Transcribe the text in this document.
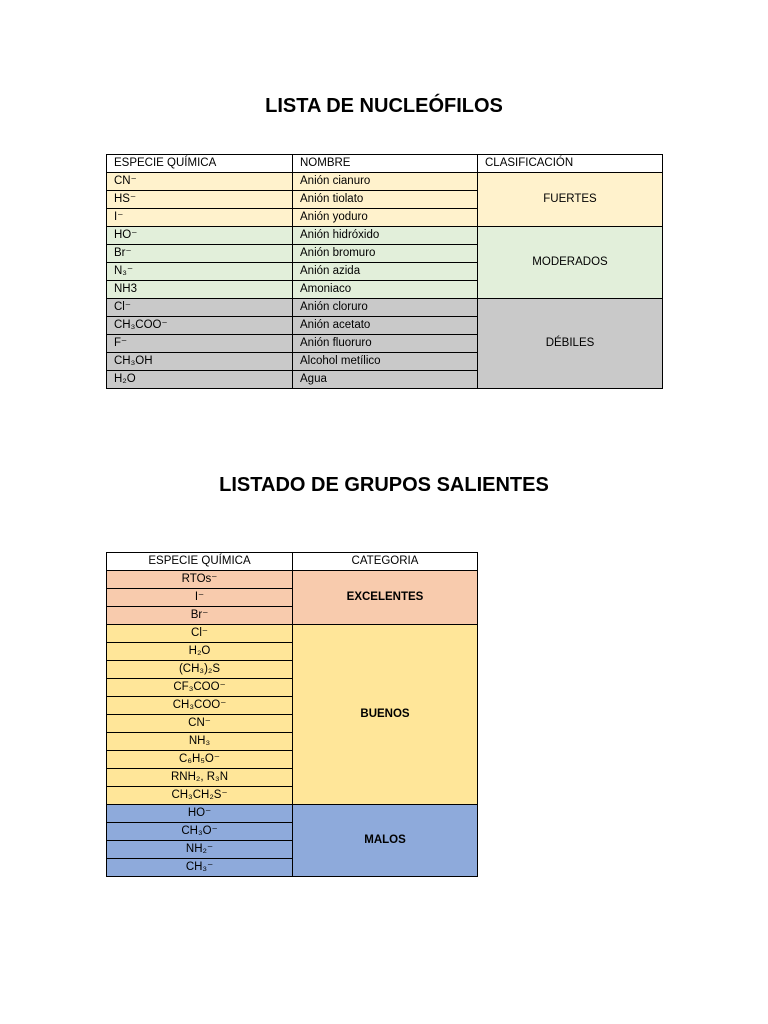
LISTA DE NUCLEÓFILOS
ESPECIE QUÍMICA	NOMBRE	CLASIFICACIÓN
CN⁻	Anión cianuro	FUERTES
HS⁻	Anión tiolato	
I⁻	Anión yoduro	
HO⁻	Anión hidróxido	MODERADOS
Br⁻	Anión bromuro	
N₃⁻	Anión azida	
NH3	Amoniaco	
Cl⁻	Anión cloruro	DÉBILES
CH₃COO⁻	Anión acetato	
F⁻	Anión fluoruro	
CH₃OH	Alcohol metílico	
H₂O	Agua	
LISTADO DE GRUPOS SALIENTES
ESPECIE QUÍMICA	CATEGORIA
RTOs⁻	EXCELENTES
I⁻	
Br⁻	
Cl⁻	BUENOS
H₂O	
(CH₃)₂S	
CF₃COO⁻	
CH₃COO⁻	
CN⁻	
NH₃	
C₆H₅O⁻	
RNH₂, R₃N	
CH₃CH₂S⁻	
HO⁻	MALOS
CH₃O⁻	
NH₂⁻	
CH₃⁻	
